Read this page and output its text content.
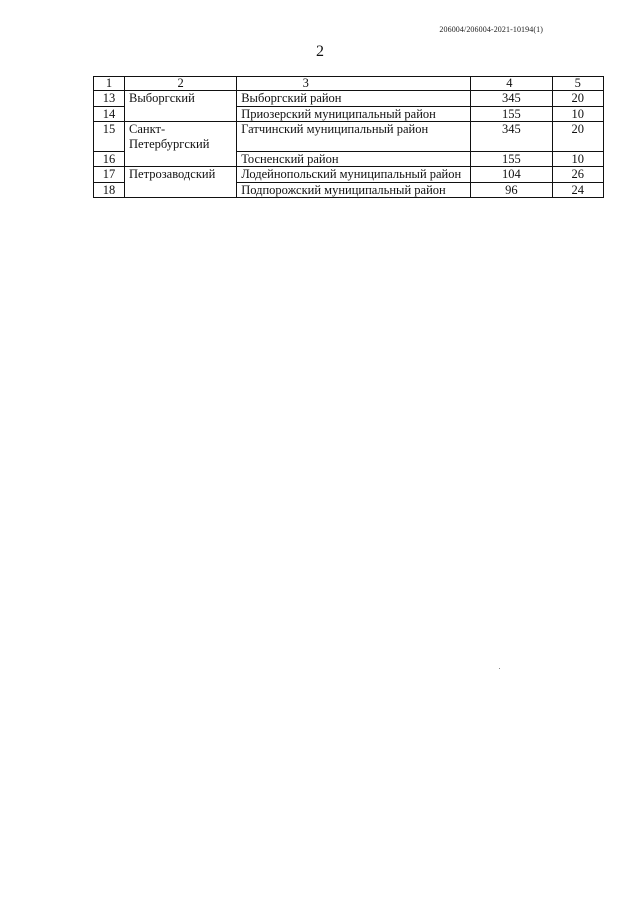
206004/206004-2021-10194(1)
2
1	2	3	4	5
13	Выборгский	Выборгский район	345	20
14		Приозерский муниципальный район	155	10
15	Санкт-Петербургский	Гатчинский муниципальный район	345	20
16		Тосненский район	155	10
17	Петрозаводский	Лодейнопольский муниципальный район	104	26
18		Подпорожский муниципальный район	96	24
